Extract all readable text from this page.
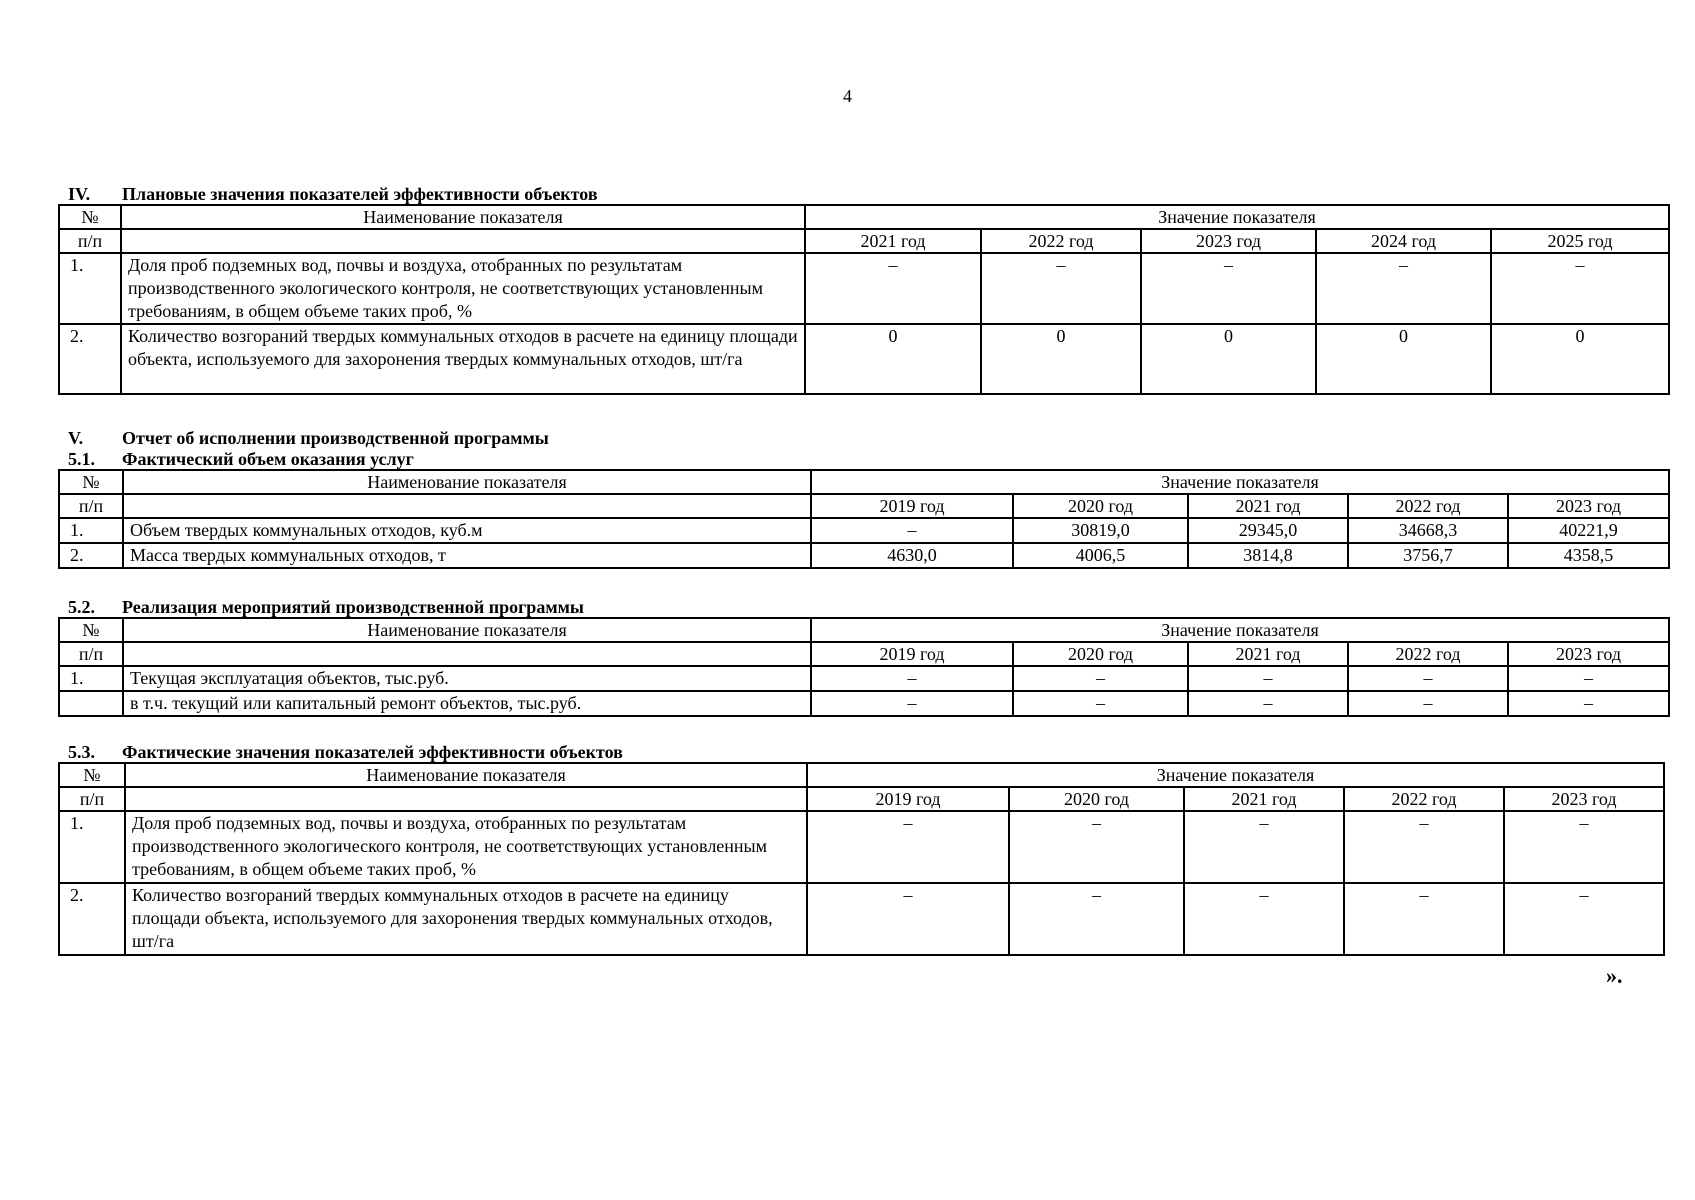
4
IV.	Плановые значения показателей эффективности объектов
№	Наименование показателя	Значение показателя				
п/п		2021 год	2022 год	2023 год	2024 год	2025 год
1.	Доля проб подземных вод, почвы и воздуха, отобранных по результатам производственного экологического контроля, не соответствующих установленным требованиям, в общем объеме таких проб, %	–	–	–	–	–
2.	Количество возгораний твердых коммунальных отходов в расчете на единицу площади объекта, используемого для захоронения твердых коммунальных отходов, шт/га	0	0	0	0	0
V.	Отчет об исполнении производственной программы
5.1.	Фактический объем оказания услуг
№	Наименование показателя	Значение показателя				
п/п		2019 год	2020 год	2021 год	2022 год	2023 год
1.	Объем твердых коммунальных отходов, куб.м	–	30819,0	29345,0	34668,3	40221,9
2.	Масса твердых коммунальных отходов, т	4630,0	4006,5	3814,8	3756,7	4358,5
5.2.	Реализация мероприятий производственной программы
№	Наименование показателя	Значение показателя				
п/п		2019 год	2020 год	2021 год	2022 год	2023 год
1.	Текущая эксплуатация объектов, тыс.руб.	–	–	–	–	–
	в т.ч. текущий или капитальный ремонт объектов, тыс.руб.	–	–	–	–	–
5.3.	Фактические значения показателей эффективности объектов
№	Наименование показателя	Значение показателя				
п/п		2019 год	2020 год	2021 год	2022 год	2023 год
1.	Доля проб подземных вод, почвы и воздуха, отобранных по результатам производственного экологического контроля, не соответствующих установленным требованиям, в общем объеме таких проб, %	–	–	–	–	–
2.	Количество возгораний твердых коммунальных отходов в расчете на единицу площади объекта, используемого для захоронения твердых коммунальных отходов, шт/га	–	–	–	–	–
».
